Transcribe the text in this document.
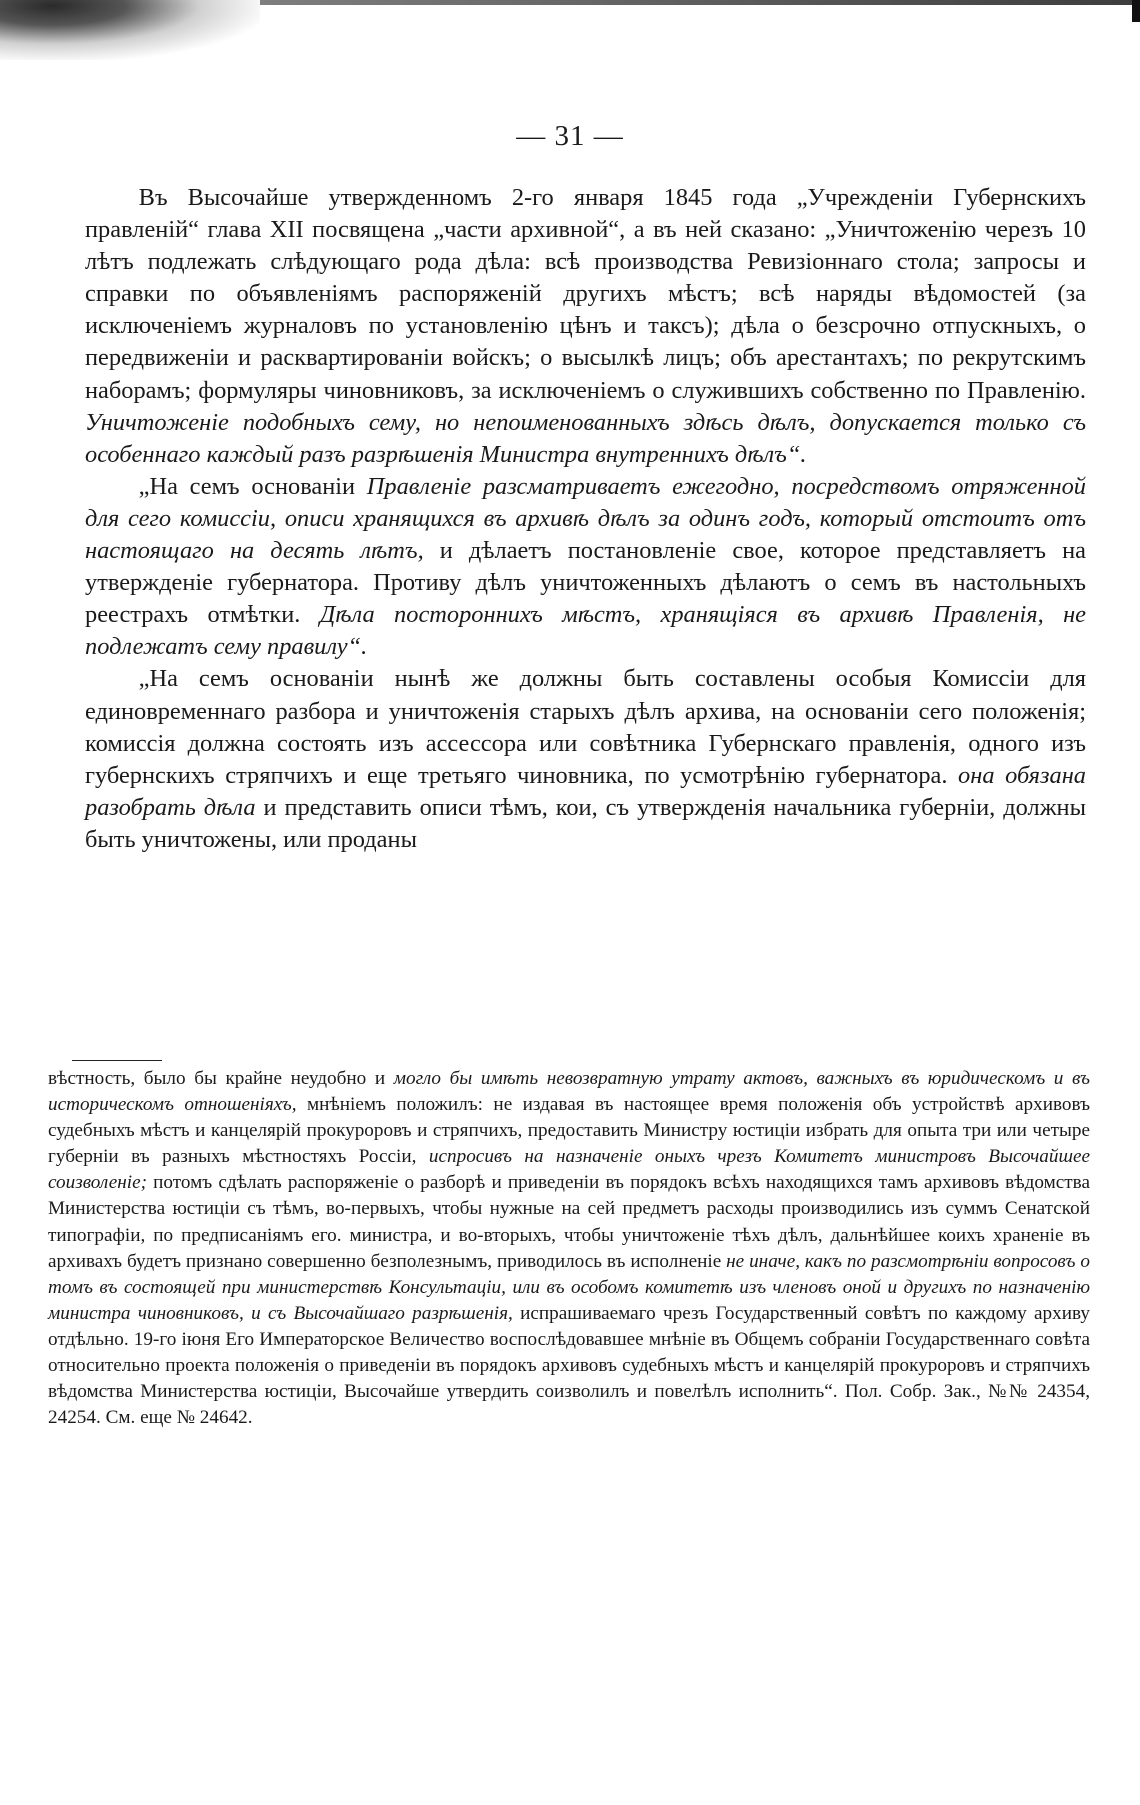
— 31 —

Въ Высочайше утвержденномъ 2-го января 1845 года „Учрежденіи Губернскихъ правленій“ глава XII посвящена „части архивной“, а въ ней сказано: „Уничтоженію черезъ 10 лѣтъ подлежать слѣдующаго рода дѣла: всѣ производства Ревизіоннаго стола; запросы и справки по объявленіямъ распоряженій другихъ мѣстъ; всѣ наряды вѣдомостей (за исключеніемъ журналовъ по установленію цѣнъ и таксъ); дѣла о безсрочно отпускныхъ, о передвиженіи и расквартированіи войскъ; о высылкѣ лицъ; объ арестантахъ; по рекрутскимъ наборамъ; формуляры чиновниковъ, за исключеніемъ о служившихъ собственно по Правленію. Уничтоженіе подобныхъ сему, но непоименованныхъ здѣсь дѣлъ, допускается только съ особеннаго каждый разъ разрѣшенія Министра внутреннихъ дѣлъ“.

„На семъ основаніи Правленіе разсматриваетъ ежегодно, посредствомъ отряженной для сего комиссіи, описи хранящихся въ архивѣ дѣлъ за одинъ годъ, который отстоитъ отъ настоящаго на десять лѣтъ, и дѣлаетъ постановленіе свое, которое представляетъ на утвержденіе губернатора. Противу дѣлъ уничтоженныхъ дѣлаютъ о семъ въ настольныхъ реестрахъ отмѣтки. Дѣла постороннихъ мѣстъ, хранящіяся въ архивѣ Правленія, не подлежатъ сему правилу“.

„На семъ основаніи нынѣ же должны быть составлены особыя Комиссіи для единовременнаго разбора и уничтоженія старыхъ дѣлъ архива, на основаніи сего положенія; комиссія должна состоять изъ ассессора или совѣтника Губернскаго правленія, одного изъ губернскихъ стряпчихъ и еще третьяго чиновника, по усмотрѣнію губернатора. она обязана разобрать дѣла и представить описи тѣмъ, кои, съ утвержденія начальника губерніи, должны быть уничтожены, или проданы

вѣстность, было бы крайне неудобно и могло бы имѣть невозвратную утрату актовъ, важныхъ въ юридическомъ и въ историческомъ отношеніяхъ, мнѣніемъ положилъ: не издавая въ настоящее время положенія объ устройствѣ архивовъ судебныхъ мѣстъ и канцелярій прокуроровъ и стряпчихъ, предоставить Министру юстиціи избрать для опыта три или четыре губерніи въ разныхъ мѣстностяхъ Россіи, испросивъ на назначеніе оныхъ чрезъ Комитетъ министровъ Высочайшее соизволеніе; потомъ сдѣлать распоряженіе о разборѣ и приведеніи въ порядокъ всѣхъ находящихся тамъ архивовъ вѣдомства Министерства юстиціи съ тѣмъ, во-первыхъ, чтобы нужные на сей предметъ расходы производились изъ суммъ Сенатской типографіи, по предписаніямъ его. министра, и во-вторыхъ, чтобы уничтоженіе тѣхъ дѣлъ, дальнѣйшее коихъ храненіе въ архивахъ будетъ признано совершенно безполезнымъ, приводилось въ исполненіе не иначе, какъ по разсмотрѣніи вопросовъ о томъ въ состоящей при министерствѣ Консультаціи, или въ особомъ комитетѣ изъ членовъ оной и другихъ по назначенію министра чиновниковъ, и съ Высочайшаго разрѣшенія, испрашиваемаго чрезъ Государственный совѣтъ по каждому архиву отдѣльно. 19-го іюня Его Императорское Величество воспослѣдовавшее мнѣніе въ Общемъ собраніи Государственнаго совѣта относительно проекта положенія о приведеніи въ порядокъ архивовъ судебныхъ мѣстъ и канцелярій прокуроровъ и стряпчихъ вѣдомства Министерства юстиціи, Высочайше утвердить соизволилъ и повелѣлъ исполнить“. Пол. Собр. Зак., №№ 24354, 24254. См. еще № 24642.
